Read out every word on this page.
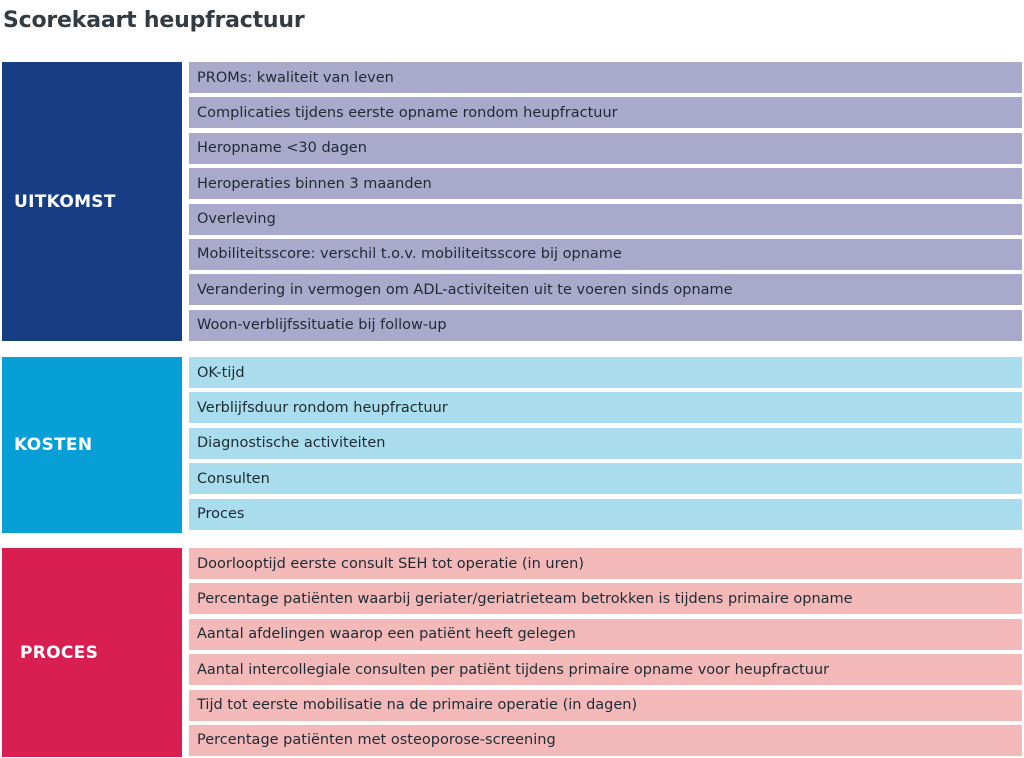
Scorekaart heupfractuur
UITKOMST
PROMs: kwaliteit van leven
Complicaties tijdens eerste opname rondom heupfractuur
Heropname <30 dagen
Heroperaties binnen 3 maanden
Overleving
Mobiliteitsscore: verschil t.o.v. mobiliteitsscore bij opname
Verandering in vermogen om ADL-activiteiten uit te voeren sinds opname
Woon-verblijfssituatie bij follow-up
KOSTEN
OK-tijd
Verblijfsduur rondom heupfractuur
Diagnostische activiteiten
Consulten
Proces
PROCES
Doorlooptijd eerste consult SEH tot operatie (in uren)
Percentage patiënten waarbij geriater/geriatrieteam betrokken is tijdens primaire opname
Aantal afdelingen waarop een patiënt heeft gelegen
Aantal intercollegiale consulten per patiënt tijdens primaire opname voor heupfractuur
Tijd tot eerste mobilisatie na de primaire operatie (in dagen)
Percentage patiënten met osteoporose-screening
